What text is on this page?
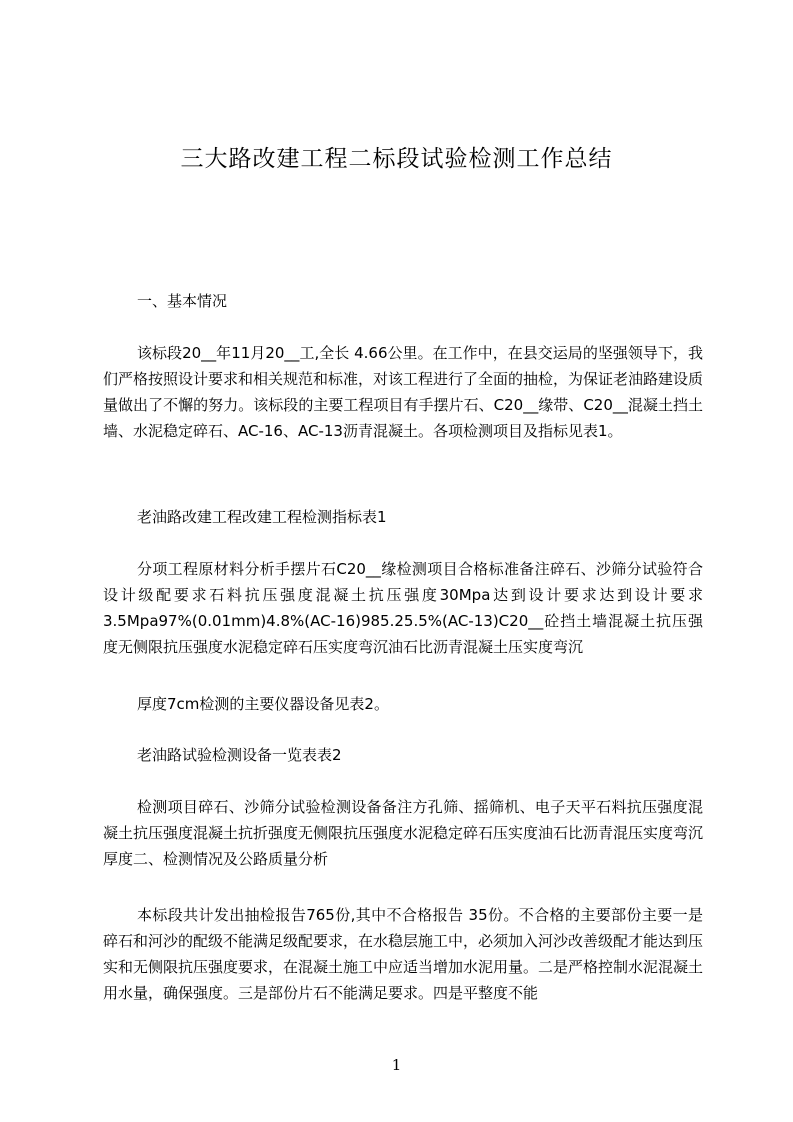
三大路改建工程二标段试验检测工作总结
一、基本情况

该标段20__年11月20__工,全长 4.66公里。在工作中，在县交运局的坚强领导下，我们严格按照设计要求和相关规范和标准，对该工程进行了全面的抽检，为保证老油路建设质量做出了不懈的努力。该标段的主要工程项目有手摆片石、C20__缘带、C20__混凝土挡土墙、水泥稳定碎石、AC-16、AC-13沥青混凝土。各项检测项目及指标见表1。

老油路改建工程改建工程检测指标表1

分项工程原材料分析手摆片石C20__缘检测项目合格标准备注碎石、沙筛分试验符合设计级配要求石料抗压强度混凝土抗压强度30Mpa达到设计要求达到设计要求3.5Mpa97%(0.01mm)4.8%(AC-16)985.25.5%(AC-13)C20__砼挡土墙混凝土抗压强度无侧限抗压强度水泥稳定碎石压实度弯沉油石比沥青混凝土压实度弯沉

厚度7cm检测的主要仪器设备见表2。

老油路试验检测设备一览表表2

检测项目碎石、沙筛分试验检测设备备注方孔筛、摇筛机、电子天平石料抗压强度混凝土抗压强度混凝土抗折强度无侧限抗压强度水泥稳定碎石压实度油石比沥青混压实度弯沉厚度二、检测情况及公路质量分析

本标段共计发出抽检报告765份,其中不合格报告 35份。不合格的主要部份主要一是碎石和河沙的配级不能满足级配要求，在水稳层施工中，必须加入河沙改善级配才能达到压实和无侧限抗压强度要求，在混凝土施工中应适当增加水泥用量。二是严格控制水泥混凝土用水量，确保强度。三是部份片石不能满足要求。四是平整度不能

1
